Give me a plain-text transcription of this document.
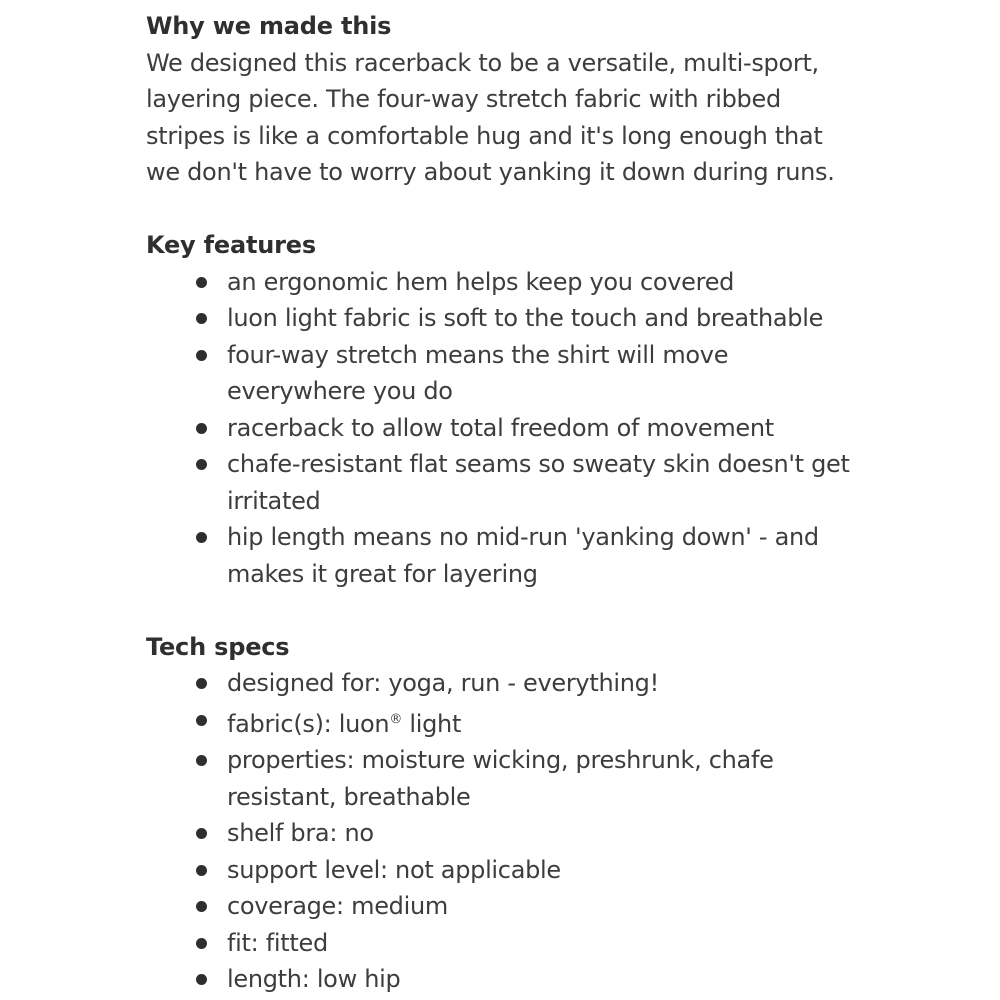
Why we made this

We designed this racerback to be a versatile, multi-sport,

layering piece. The four-way stretch fabric with ribbed

stripes is like a comfortable hug and it's long enough that

we don't have to worry about yanking it down during runs.

Key features
an ergonomic hem helps keep you covered
luon light fabric is soft to the touch and breathable
four-way stretch means the shirt will move
everywhere you do
racerback to allow total freedom of movement
chafe-resistant flat seams so sweaty skin doesn't get
irritated
hip length means no mid-run 'yanking down' - and
makes it great for layering
Tech specs
designed for: yoga, run - everything!
fabric(s): luon® light
properties: moisture wicking, preshrunk, chafe
resistant, breathable
shelf bra: no
support level: not applicable
coverage: medium
fit: fitted
length: low hip
